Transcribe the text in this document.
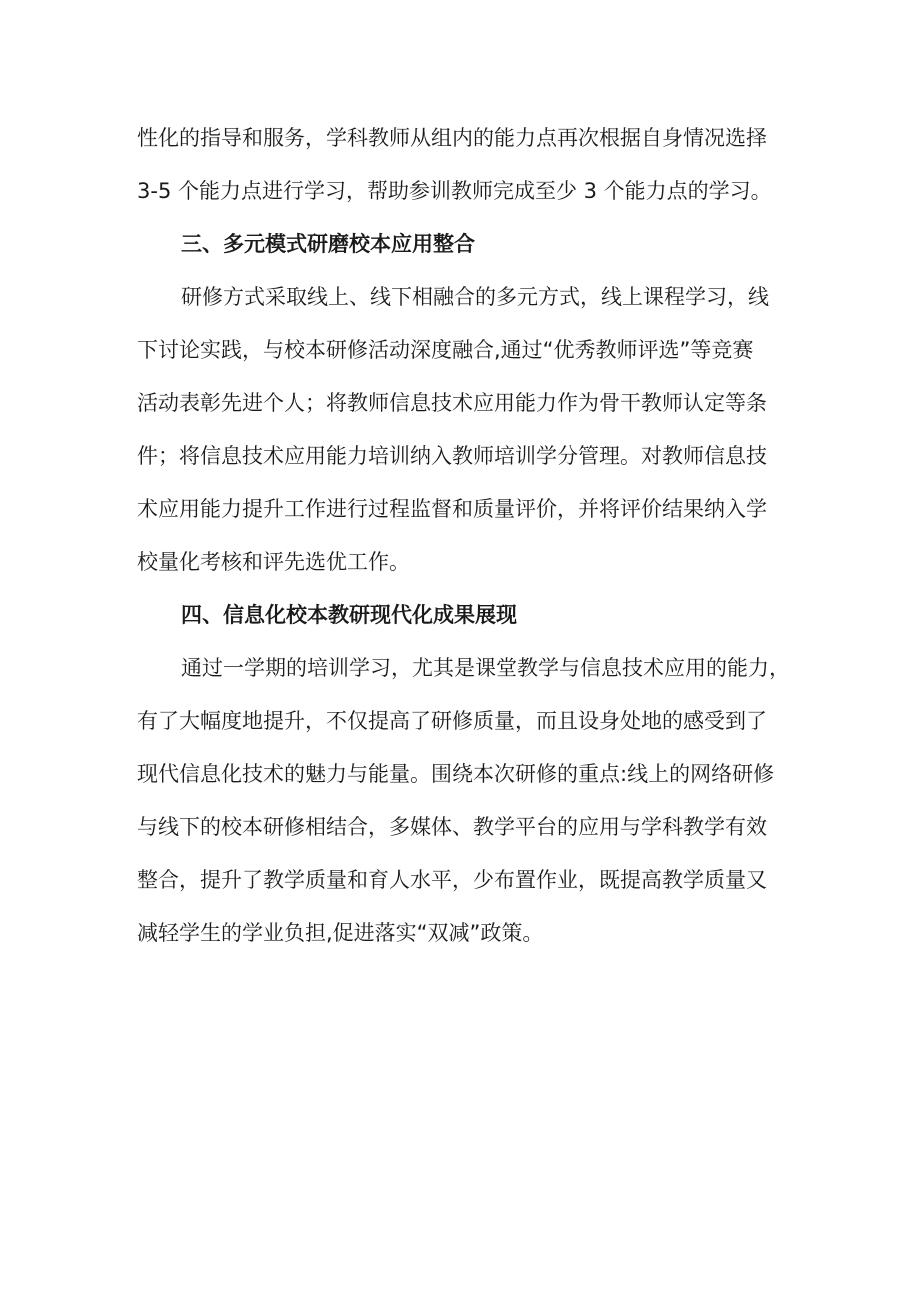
性化的指导和服务，学科教师从组内的能力点再次根据自身情况选择
3-5 个能力点进行学习，帮助参训教师完成至少 3 个能力点的学习。
三、多元模式研磨校本应用整合
研修方式采取线上、线下相融合的多元方式，线上课程学习，线
下讨论实践，与校本研修活动深度融合,通过“优秀教师评选”等竞赛
活动表彰先进个人；将教师信息技术应用能力作为骨干教师认定等条
件；将信息技术应用能力培训纳入教师培训学分管理。对教师信息技
术应用能力提升工作进行过程监督和质量评价，并将评价结果纳入学
校量化考核和评先选优工作。
四、信息化校本教研现代化成果展现
通过一学期的培训学习，尤其是课堂教学与信息技术应用的能力，
有了大幅度地提升，不仅提高了研修质量，而且设身处地的感受到了
现代信息化技术的魅力与能量。围绕本次研修的重点:线上的网络研修
与线下的校本研修相结合，多媒体、教学平台的应用与学科教学有效
整合，提升了教学质量和育人水平，少布置作业，既提高教学质量又
减轻学生的学业负担,促进落实“双减”政策。
